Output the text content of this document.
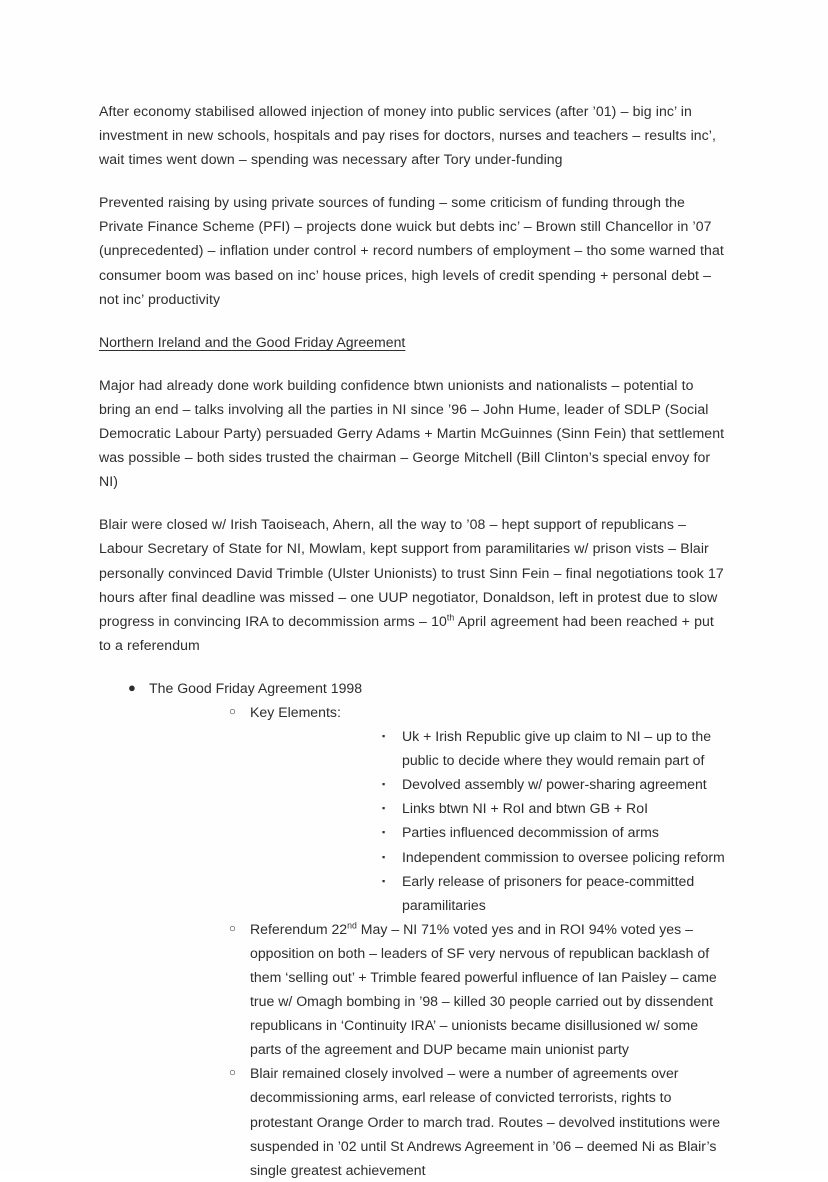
After economy stabilised allowed injection of money into public services (after ’01) – big inc’ in investment in new schools, hospitals and pay rises for doctors, nurses and teachers – results inc’, wait times went down – spending was necessary after Tory under-funding

Prevented raising by using private sources of funding – some criticism of funding through the Private Finance Scheme (PFI) – projects done wuick but debts inc’ – Brown still Chancellor in ’07 (unprecedented) – inflation under control + record numbers of employment – tho some warned that consumer boom was based on inc’ house prices, high levels of credit spending + personal debt – not inc’ productivity

Northern Ireland and the Good Friday Agreement

Major had already done work building confidence btwn unionists and nationalists – potential to bring an end – talks involving all the parties in NI since ’96 – John Hume, leader of SDLP (Social Democratic Labour Party) persuaded Gerry Adams + Martin McGuinnes (Sinn Fein) that settlement was possible – both sides trusted the chairman – George Mitchell (Bill Clinton’s special envoy for NI)

Blair were closed w/ Irish Taoiseach, Ahern, all the way to ’08 – hept support of republicans – Labour Secretary of State for NI, Mowlam, kept support from paramilitaries w/ prison vists – Blair personally convinced David Trimble (Ulster Unionists) to trust Sinn Fein – final negotiations took 17 hours after final deadline was missed – one UUP negotiator, Donaldson, left in protest due to slow progress in convincing IRA to decommission arms – 10th April agreement had been reached + put to a referendum

● The Good Friday Agreement 1998
○ Key Elements:
▪ Uk + Irish Republic give up claim to NI – up to the public to decide where they would remain part of
▪ Devolved assembly w/ power-sharing agreement
▪ Links btwn NI + RoI and btwn GB + RoI
▪ Parties influenced decommission of arms
▪ Independent commission to oversee policing reform
▪ Early release of prisoners for peace-committed paramilitaries
○ Referendum 22nd May – NI 71% voted yes and in ROI 94% voted yes – opposition on both – leaders of SF very nervous of republican backlash of them ‘selling out’ + Trimble feared powerful influence of Ian Paisley – came true w/ Omagh bombing in ’98 – killed 30 people carried out by dissendent republicans in ‘Continuity IRA’ – unionists became disillusioned w/ some parts of the agreement and DUP became main unionist party
○ Blair remained closely involved – were a number of agreements over decommissioning arms, earl release of convicted terrorists, rights to protestant Orange Order to march trad. Routes – devolved institutions were suspended in ’02 until St Andrews Agreement in ’06 – deemed Ni as Blair’s single greatest achievement
